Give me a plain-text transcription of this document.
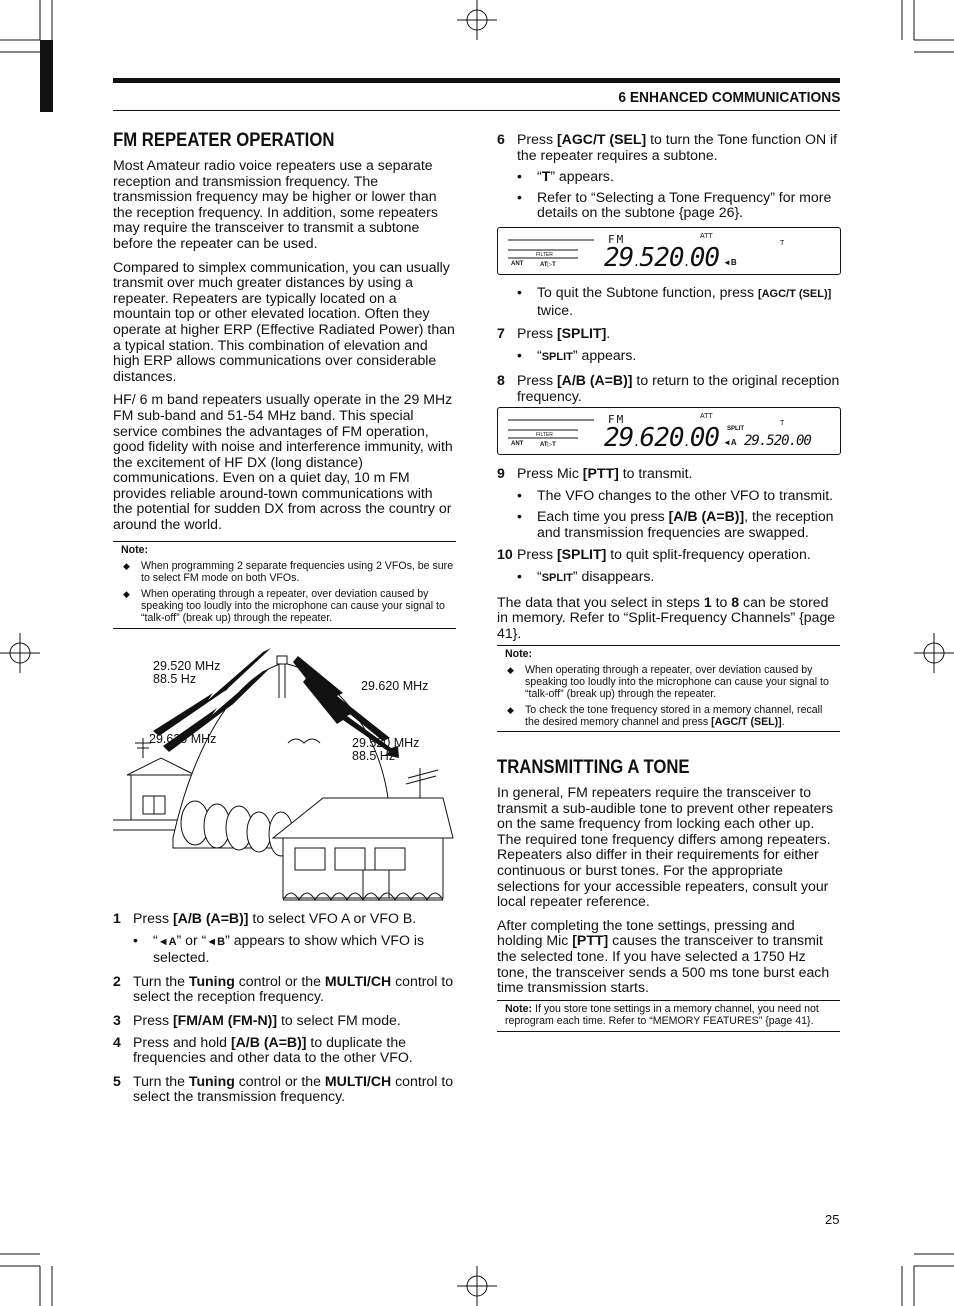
6 ENHANCED COMMUNICATIONS
FM REPEATER OPERATION

Most Amateur radio voice repeaters use a separate reception and transmission frequency. The transmission frequency may be higher or lower than the reception frequency. In addition, some repeaters may require the transceiver to transmit a subtone before the repeater can be used.

Compared to simplex communication, you can usually transmit over much greater distances by using a repeater. Repeaters are typically located on a mountain top or other elevated location. Often they operate at higher ERP (Effective Radiated Power) than a typical station. This combination of elevation and high ERP allows communications over considerable distances.

HF/ 6 m band repeaters usually operate in the 29 MHz FM sub-band and 51-54 MHz band. This special service combines the advantages of FM operation, good fidelity with noise and interference immunity, with the excitement of HF DX (long distance) communications. Even on a quiet day, 10 m FM provides reliable around-town communications with the potential for sudden DX from across the country or around the world.

Note:
◆ When programming 2 separate frequencies using 2 VFOs, be sure to select FM mode on both VFOs.
◆ When operating through a repeater, over deviation caused by speaking too loudly into the microphone can cause your signal to “talk-off” (break up) through the repeater.
29.520 MHz
88.5 Hz	29.620 MHz
29.620 MHz	29.520 MHz
88.5 Hz
1 Press [A/B (A=B)] to select VFO A or VFO B.
• “◄A” or “◄B” appears to show which VFO is selected.
2 Turn the Tuning control or the MULTI/CH control to select the reception frequency.
3 Press [FM/AM (FM-N)] to select FM mode.
4 Press and hold [A/B (A=B)] to duplicate the frequencies and other data to the other VFO.
5 Turn the Tuning control or the MULTI/CH control to select the transmission frequency.
6 Press [AGC/T (SEL] to turn the Tone function ON if the repeater requires a subtone.
• “T” appears.
• Refer to “Selecting a Tone Frequency” for more details on the subtone {page 26}.
ANT	AT▷T
FILTER
FM	ATT
29.520.00 ◄B
T
• To quit the Subtone function, press [AGC/T (SEL)] twice.
7 Press [SPLIT].
• “SPLIT” appears.
8 Press [A/B (A=B)] to return to the original reception frequency.
ANT	AT▷T
FILTER
FM	ATT
29.620.00 SPLIT
◄A 29.520.00
T
9 Press Mic [PTT] to transmit.
• The VFO changes to the other VFO to transmit.
• Each time you press [A/B (A=B)], the reception and transmission frequencies are swapped.
10 Press [SPLIT] to quit split-frequency operation.
• “SPLIT” disappears.

The data that you select in steps 1 to 8 can be stored in memory. Refer to “Split-Frequency Channels” {page 41}.

Note:
◆ When operating through a repeater, over deviation caused by speaking too loudly into the microphone can cause your signal to “talk-off” (break up) through the repeater.
◆ To check the tone frequency stored in a memory channel, recall the desired memory channel and press [AGC/T (SEL)].
TRANSMITTING A TONE

In general, FM repeaters require the transceiver to transmit a sub-audible tone to prevent other repeaters on the same frequency from locking each other up. The required tone frequency differs among repeaters. Repeaters also differ in their requirements for either continuous or burst tones. For the appropriate selections for your accessible repeaters, consult your local repeater reference.

After completing the tone settings, pressing and holding Mic [PTT] causes the transceiver to transmit the selected tone. If you have selected a 1750 Hz tone, the transceiver sends a 500 ms tone burst each time transmission starts.

Note: If you store tone settings in a memory channel, you need not reprogram each time. Refer to “MEMORY FEATURES” {page 41}.
25
